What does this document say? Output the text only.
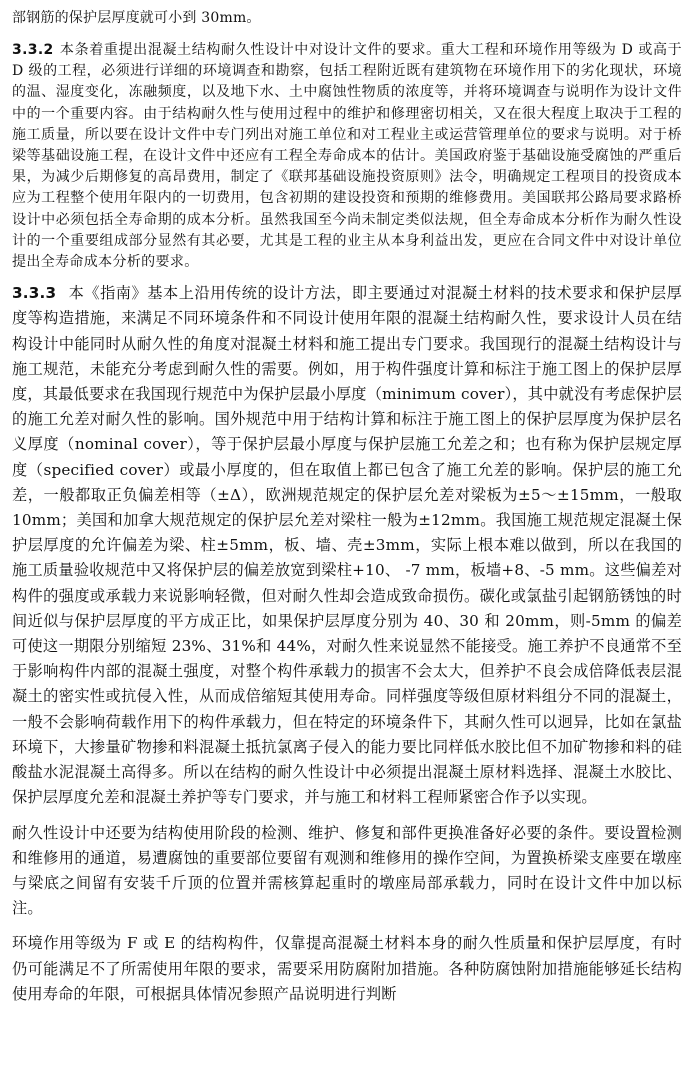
部钢筋的保护层厚度就可小到 30mm。

3.3.2 本条着重提出混凝土结构耐久性设计中对设计文件的要求。重大工程和环境作用等级为 D 或高于 D 级的工程，必须进行详细的环境调查和勘察，包括工程附近既有建筑物在环境作用下的劣化现状，环境的温、湿度变化，冻融频度，以及地下水、土中腐蚀性物质的浓度等，并将环境调查与说明作为设计文件中的一个重要内容。由于结构耐久性与使用过程中的维护和修理密切相关，又在很大程度上取决于工程的施工质量，所以要在设计文件中专门列出对施工单位和对工程业主或运营管理单位的要求与说明。对于桥梁等基础设施工程，在设计文件中还应有工程全寿命成本的估计。美国政府鉴于基础设施受腐蚀的严重后果，为减少后期修复的高昂费用，制定了《联邦基础设施投资原则》法令，明确规定工程项目的投资成本应为工程整个使用年限内的一切费用，包含初期的建设投资和预期的维修费用。美国联邦公路局要求路桥设计中必须包括全寿命期的成本分析。虽然我国至今尚未制定类似法规，但全寿命成本分析作为耐久性设计的一个重要组成部分显然有其必要，尤其是工程的业主从本身利益出发，更应在合同文件中对设计单位提出全寿命成本分析的要求。

3.3.3 本《指南》基本上沿用传统的设计方法，即主要通过对混凝土材料的技术要求和保护层厚度等构造措施，来满足不同环境条件和不同设计使用年限的混凝土结构耐久性，要求设计人员在结构设计中能同时从耐久性的角度对混凝土材料和施工提出专门要求。我国现行的混凝土结构设计与施工规范，未能充分考虑到耐久性的需要。例如，用于构件强度计算和标注于施工图上的保护层厚度，其最低要求在我国现行规范中为保护层最小厚度（minimum cover），其中就没有考虑保护层的施工允差对耐久性的影响。国外规范中用于结构计算和标注于施工图上的保护层厚度为保护层名义厚度（nominal cover），等于保护层最小厚度与保护层施工允差之和；也有称为保护层规定厚度（specified cover）或最小厚度的，但在取值上都已包含了施工允差的影响。保护层的施工允差，一般都取正负偏差相等（±Δ），欧洲规范规定的保护层允差对梁板为±5～±15mm，一般取 10mm；美国和加拿大规范规定的保护层允差对梁柱一般为±12mm。我国施工规范规定混凝土保护层厚度的允许偏差为梁、柱±5mm，板、墙、壳±3mm，实际上根本难以做到，所以在我国的施工质量验收规范中又将保护层的偏差放宽到梁柱+10、 -7 mm，板墙+8、-5 mm。这些偏差对构件的强度或承载力来说影响轻微，但对耐久性却会造成致命损伤。碳化或氯盐引起钢筋锈蚀的时间近似与保护层厚度的平方成正比，如果保护层厚度分别为 40、30 和 20mm，则-5mm 的偏差可使这一期限分别缩短 23%、31%和 44%，对耐久性来说显然不能接受。施工养护不良通常不至于影响构件内部的混凝土强度，对整个构件承载力的损害不会太大，但养护不良会成倍降低表层混凝土的密实性或抗侵入性，从而成倍缩短其使用寿命。同样强度等级但原材料组分不同的混凝土，一般不会影响荷载作用下的构件承载力，但在特定的环境条件下，其耐久性可以迥异，比如在氯盐环境下，大掺量矿物掺和料混凝土抵抗氯离子侵入的能力要比同样低水胶比但不加矿物掺和料的硅酸盐水泥混凝土高得多。所以在结构的耐久性设计中必须提出混凝土原材料选择、混凝土水胶比、保护层厚度允差和混凝土养护等专门要求，并与施工和材料工程师紧密合作予以实现。

耐久性设计中还要为结构使用阶段的检测、维护、修复和部件更换准备好必要的条件。要设置检测和维修用的通道，易遭腐蚀的重要部位要留有观测和维修用的操作空间，为置换桥梁支座要在墩座与梁底之间留有安装千斤顶的位置并需核算起重时的墩座局部承载力，同时在设计文件中加以标注。

环境作用等级为 F 或 E 的结构构件，仅靠提高混凝土材料本身的耐久性质量和保护层厚度，有时仍可能满足不了所需使用年限的要求，需要采用防腐附加措施。各种防腐蚀附加措施能够延长结构使用寿命的年限，可根据具体情况参照产品说明进行判断
